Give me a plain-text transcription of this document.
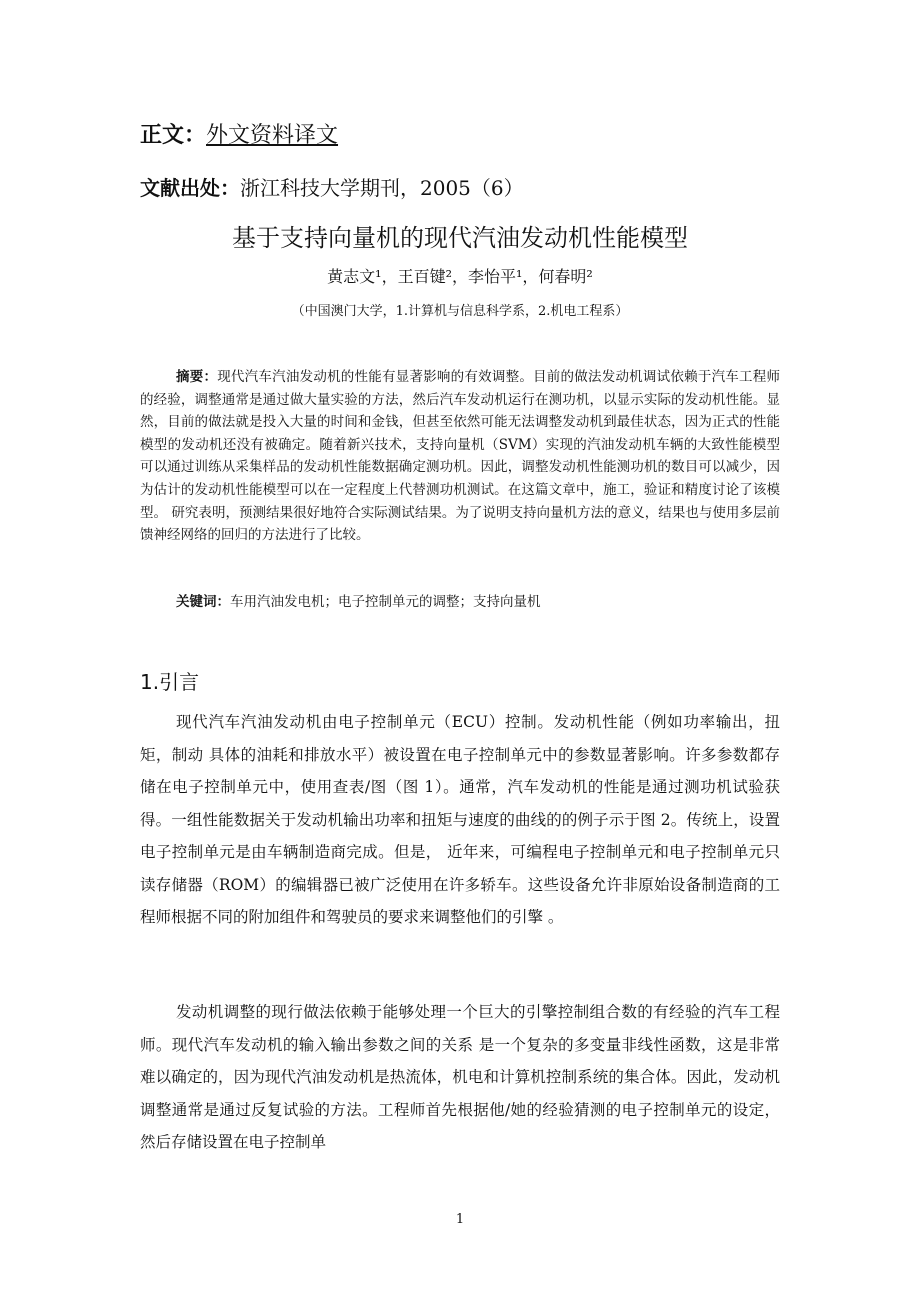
正文：外文资料译文
文献出处：浙江科技大学期刊，2005（6）
基于支持向量机的现代汽油发动机性能模型
黄志文¹，王百键²，李怡平¹，何春明²
（中国澳门大学，1.计算机与信息科学系，2.机电工程系）

摘要：现代汽车汽油发动机的性能有显著影响的有效调整。目前的做法发动机调试依赖于汽车工程师的经验，调整通常是通过做大量实验的方法，然后汽车发动机运行在测功机，以显示实际的发动机性能。显然，目前的做法就是投入大量的时间和金钱，但甚至依然可能无法调整发动机到最佳状态，因为正式的性能模型的发动机还没有被确定。随着新兴技术，支持向量机（SVM）实现的汽油发动机车辆的大致性能模型可以通过训练从采集样品的发动机性能数据确定测功机。因此，调整发动机性能测功机的数目可以减少，因为估计的发动机性能模型可以在一定程度上代替测功机测试。在这篇文章中，施工，验证和精度讨论了该模型。 研究表明，预测结果很好地符合实际测试结果。为了说明支持向量机方法的意义，结果也与使用多层前馈神经网络的回归的方法进行了比较。

关键词：车用汽油发电机；电子控制单元的调整；支持向量机
1.引言

现代汽车汽油发动机由电子控制单元（ECU）控制。发动机性能（例如功率输出，扭矩，制动 具体的油耗和排放水平）被设置在电子控制单元中的参数显著影响。许多参数都存储在电子控制单元中，使用查表/图（图 1）。通常，汽车发动机的性能是通过测功机试验获得。一组性能数据关于发动机输出功率和扭矩与速度的曲线的的例子示于图 2。传统上，设置电子控制单元是由车辆制造商完成。但是， 近年来，可编程电子控制单元和电子控制单元只读存储器（ROM）的编辑器已被广泛使用在许多轿车。这些设备允许非原始设备制造商的工程师根据不同的附加组件和驾驶员的要求来调整他们的引擎 。

发动机调整的现行做法依赖于能够处理一个巨大的引擎控制组合数的有经验的汽车工程师。现代汽车发动机的输入输出参数之间的关系 是一个复杂的多变量非线性函数，这是非常难以确定的，因为现代汽油发动机是热流体，机电和计算机控制系统的集合体。因此，发动机调整通常是通过反复试验的方法。工程师首先根据他/她的经验猜测的电子控制单元的设定，然后存储设置在电子控制单

1
